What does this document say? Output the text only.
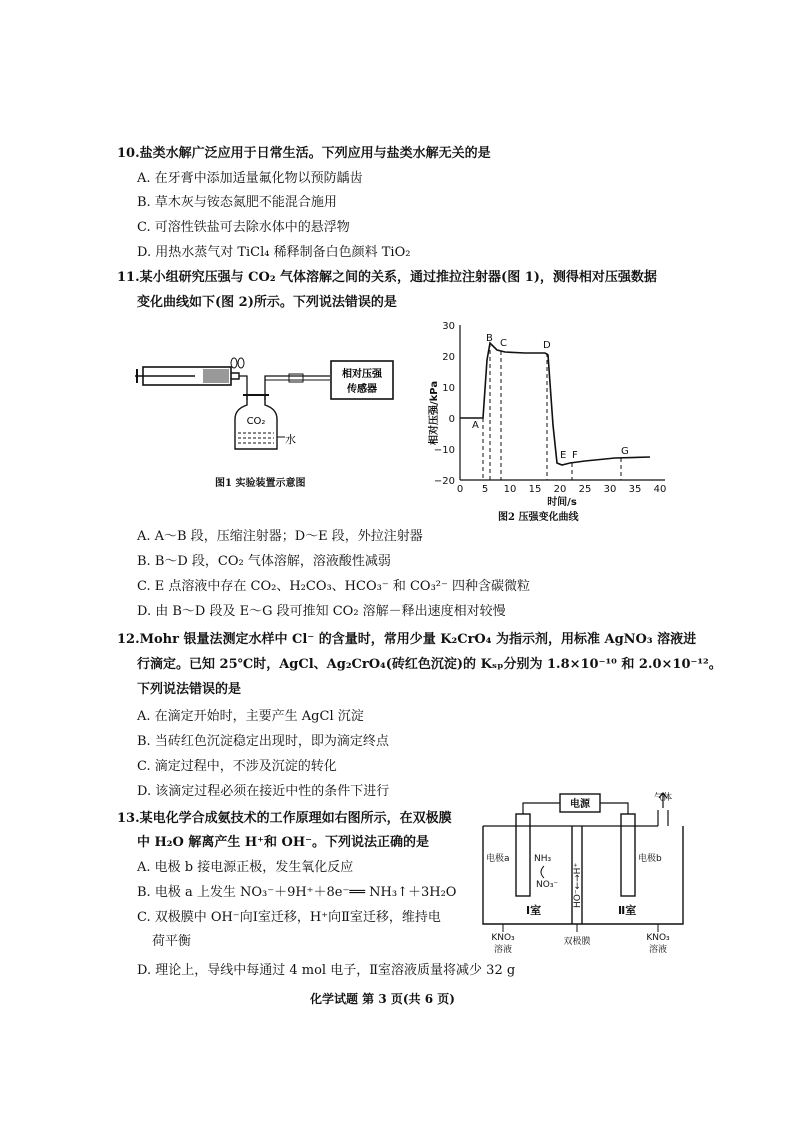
10.盐类水解广泛应用于日常生活。下列应用与盐类水解无关的是
A. 在牙膏中添加适量氟化物以预防龋齿
B. 草木灰与铵态氮肥不能混合施用
C. 可溶性铁盐可去除水体中的悬浮物
D. 用热水蒸气对 TiCl₄ 稀释制备白色颜料 TiO₂
11.某小组研究压强与 CO₂ 气体溶解之间的关系，通过推拉注射器(图 1)，测得相对压强数据
变化曲线如下(图 2)所示。下列说法错误的是
CO₂
水
相对压强
传感器
图1 实验装置示意图
30
20
10
0
−10
−20
0 5 10 15 20 25 30 35 40
A
B C	D
E F	G
相对压强/kPa
时间/s
图2 压强变化曲线
A. A～B 段，压缩注射器；D～E 段，外拉注射器
B. B～D 段，CO₂ 气体溶解，溶液酸性减弱
C. E 点溶液中存在 CO₂、H₂CO₃、HCO₃⁻ 和 CO₃²⁻ 四种含碳微粒
D. 由 B～D 段及 E～G 段可推知 CO₂ 溶解－释出速度相对较慢
12.Mohr 银量法测定水样中 Cl⁻ 的含量时，常用少量 K₂CrO₄ 为指示剂，用标准 AgNO₃ 溶液进
行滴定。已知 25℃时，AgCl、Ag₂CrO₄(砖红色沉淀)的 Kₛₚ分别为 1.8×10⁻¹⁰ 和 2.0×10⁻¹²。
下列说法错误的是
A. 在滴定开始时，主要产生 AgCl 沉淀
B. 当砖红色沉淀稳定出现时，即为滴定终点
C. 滴定过程中，不涉及沉淀的转化
D. 该滴定过程必须在接近中性的条件下进行
13.某电化学合成氨技术的工作原理如右图所示，在双极膜
中 H₂O 解离产生 H⁺和 OH⁻。下列说法正确的是
A. 电极 b 接电源正极，发生氧化反应
B. 电极 a 上发生 NO₃⁻＋9H⁺＋8e⁻══ NH₃↑＋3H₂O
C. 双极膜中 OH⁻向Ⅰ室迁移，H⁺向Ⅱ室迁移，维持电
荷平衡
D. 理论上，导线中每通过 4 mol 电子，Ⅱ室溶液质量将减少 32 g
电源
气体
电极a	电极b
NH₃
NO₃⁻ HO⁻←→H⁺
Ⅰ室	Ⅱ室
KNO₃
溶液
双极膜	KNO₃
溶液
化学试题 第 3 页(共 6 页)
